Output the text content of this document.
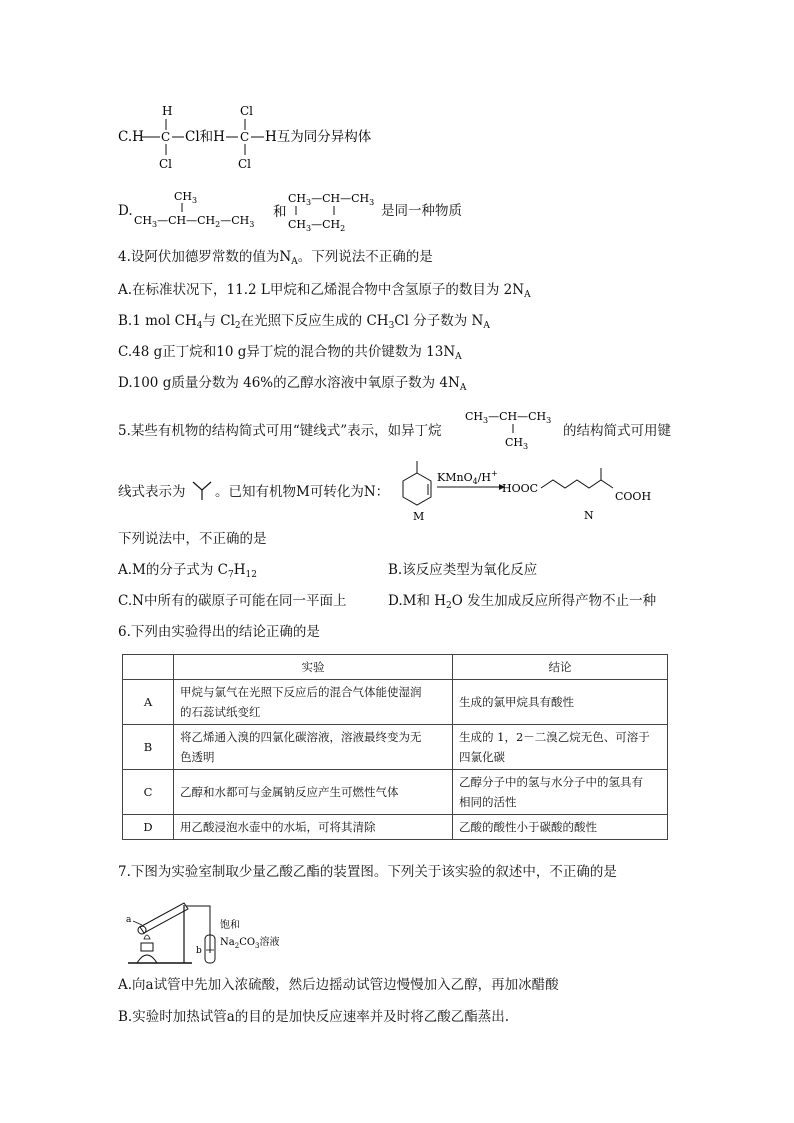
C.H
H
C
Cl
Cl和H
Cl
C
Cl
H互为同分异构体
D.
$CH_3$
$CH_3—CH—CH_2—CH_3$
和
$CH_3—CH—CH_3$
$CH_3—CH_2$
是同一种物质
4.设阿伏加德罗常数的值为$N_A$。下列说法不正确的是
A.在标准状况下，11.2 L甲烷和乙烯混合物中含氢原子的数目为 $2N_A$
B.1 mol $CH_4$与 $Cl_2$在光照下反应生成的 $CH_3Cl$ 分子数为 $N_A$
C.48 g正丁烷和10 g异丁烷的混合物的共价键数为 $13N_A$
D.100 g质量分数为 46%的乙醇水溶液中氧原子数为 $4N_A$
5.某些有机物的结构简式可用“键线式”表示，如异丁烷
$CH_3—CH—CH_3$
$CH_3$
的结构简式可用键
线式表示为 。已知有机物M可转化为N：
M
KMnO$_4$/H+
HOOC
COOH
N
下列说法中，不正确的是
A.M的分子式为 $C_7H_{12}$	B.该反应类型为氧化反应
C.N中所有的碳原子可能在同一平面上	D.M和 $H_2O$ 发生加成反应所得产物不止一种
6.下列由实验得出的结论正确的是
	实验	结论
A	甲烷与氯气在光照下反应后的混合气体能使湿润
的石蕊试纸变红	生成的氯甲烷具有酸性
B	将乙烯通入溴的四氯化碳溶液，溶液最终变为无
色透明	生成的 1，2－二溴乙烷无色、可溶于
四氯化碳
C	乙醇和水都可与金属钠反应产生可燃性气体	乙醇分子中的氢与水分子中的氢具有
相同的活性
D	用乙酸浸泡水壶中的水垢，可将其清除	乙酸的酸性小于碳酸的酸性
7.下图为实验室制取少量乙酸乙酯的装置图。下列关于该实验的叙述中，不正确的是
a
b
饱和
$Na_2CO_3$溶液
A.向a试管中先加入浓硫酸，然后边摇动试管边慢慢加入乙醇，再加冰醋酸
B.实验时加热试管a的目的是加快反应速率并及时将乙酸乙酯蒸出.
